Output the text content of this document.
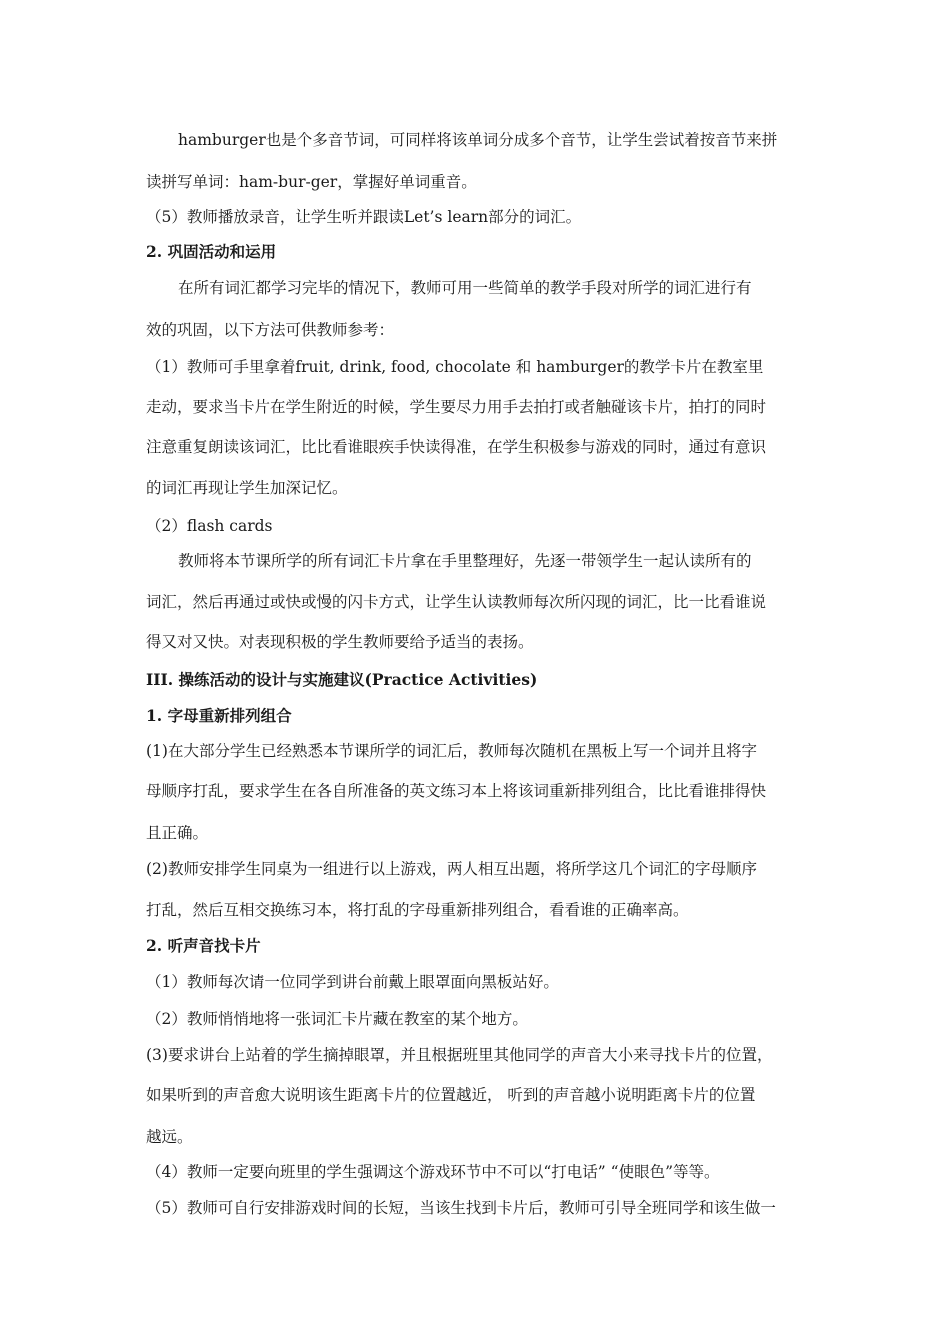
hamburger也是个多音节词，可同样将该单词分成多个音节，让学生尝试着按音节来拼
读拼写单词：ham-bur-ger，掌握好单词重音。
（5）教师播放录音，让学生听并跟读Let’s learn部分的词汇。
2. 巩固活动和运用
在所有词汇都学习完毕的情况下，教师可用一些简单的教学手段对所学的词汇进行有
效的巩固，以下方法可供教师参考：
（1）教师可手里拿着fruit, drink, food, chocolate 和 hamburger的教学卡片在教室里
走动，要求当卡片在学生附近的时候，学生要尽力用手去拍打或者触碰该卡片，拍打的同时
注意重复朗读该词汇，比比看谁眼疾手快读得准，在学生积极参与游戏的同时，通过有意识
的词汇再现让学生加深记忆。
（2）flash cards
教师将本节课所学的所有词汇卡片拿在手里整理好，先逐一带领学生一起认读所有的
词汇，然后再通过或快或慢的闪卡方式，让学生认读教师每次所闪现的词汇，比一比看谁说
得又对又快。对表现积极的学生教师要给予适当的表扬。
III. 操练活动的设计与实施建议(Practice Activities)
1. 字母重新排列组合
(1)在大部分学生已经熟悉本节课所学的词汇后，教师每次随机在黑板上写一个词并且将字
母顺序打乱，要求学生在各自所准备的英文练习本上将该词重新排列组合，比比看谁排得快
且正确。
(2)教师安排学生同桌为一组进行以上游戏，两人相互出题，将所学这几个词汇的字母顺序
打乱，然后互相交换练习本，将打乱的字母重新排列组合，看看谁的正确率高。
2. 听声音找卡片
（1）教师每次请一位同学到讲台前戴上眼罩面向黑板站好。
（2）教师悄悄地将一张词汇卡片藏在教室的某个地方。
(3)要求讲台上站着的学生摘掉眼罩，并且根据班里其他同学的声音大小来寻找卡片的位置，
如果听到的声音愈大说明该生距离卡片的位置越近， 听到的声音越小说明距离卡片的位置
越远。
（4）教师一定要向班里的学生强调这个游戏环节中不可以“打电话” “使眼色”等等。
（5）教师可自行安排游戏时间的长短，当该生找到卡片后，教师可引导全班同学和该生做一
